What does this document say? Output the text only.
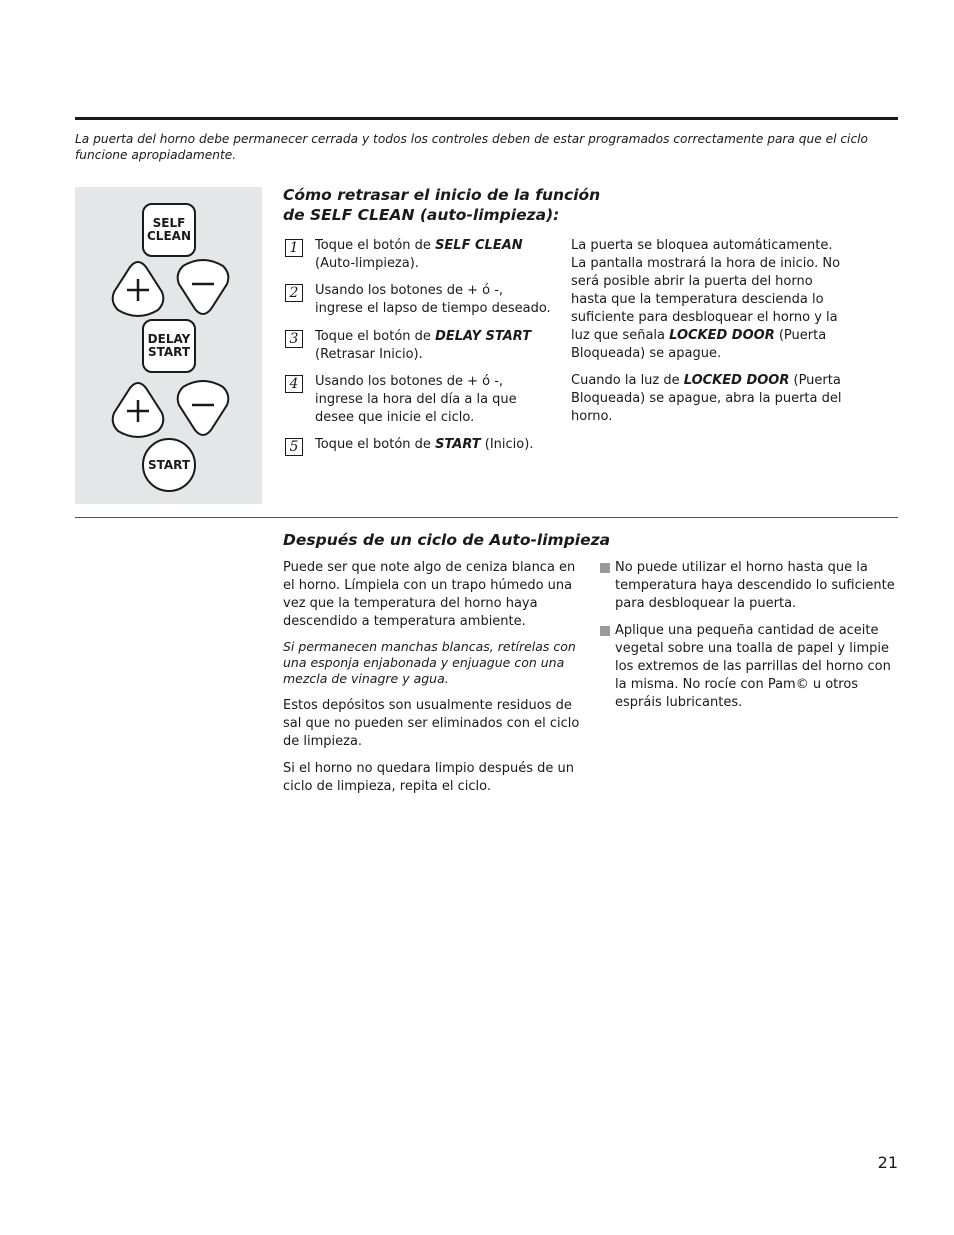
La puerta del horno debe permanecer cerrada y todos los controles deben de estar programados correctamente para que el ciclo funcione apropiadamente.
SELF
CLEAN
DELAY
START
START
Cómo retrasar el inicio de la función
de SELF CLEAN (auto-limpieza):
1	Toque el botón de SELF CLEAN (Auto-limpieza).
2	Usando los botones de + ó -, ingrese el lapso de tiempo deseado.
3	Toque el botón de DELAY START (Retrasar Inicio).
4	Usando los botones de + ó -, ingrese la hora del día a la que desee que inicie el ciclo.
5	Toque el botón de START (Inicio).
La puerta se bloquea automáticamente. La pantalla mostrará la hora de inicio. No será posible abrir la puerta del horno hasta que la temperatura descienda lo suficiente para desbloquear el horno y la luz que señala LOCKED DOOR (Puerta Bloqueada) se apague.
Cuando la luz de LOCKED DOOR (Puerta Bloqueada) se apague, abra la puerta del horno.
Después de un ciclo de Auto-limpieza
Puede ser que note algo de ceniza blanca en el horno. Límpiela con un trapo húmedo una vez que la temperatura del horno haya descendido a temperatura ambiente.
Si permanecen manchas blancas, retírelas con una esponja enjabonada y enjuague con una mezcla de vinagre y agua.
Estos depósitos son usualmente residuos de sal que no pueden ser eliminados con el ciclo de limpieza.
Si el horno no quedara limpio después de un ciclo de limpieza, repita el ciclo.
No puede utilizar el horno hasta que la temperatura haya descendido lo suficiente para desbloquear la puerta.
Aplique una pequeña cantidad de aceite vegetal sobre una toalla de papel y limpie los extremos de las parrillas del horno con la misma. No rocíe con Pam© u otros espráis lubricantes.
21
